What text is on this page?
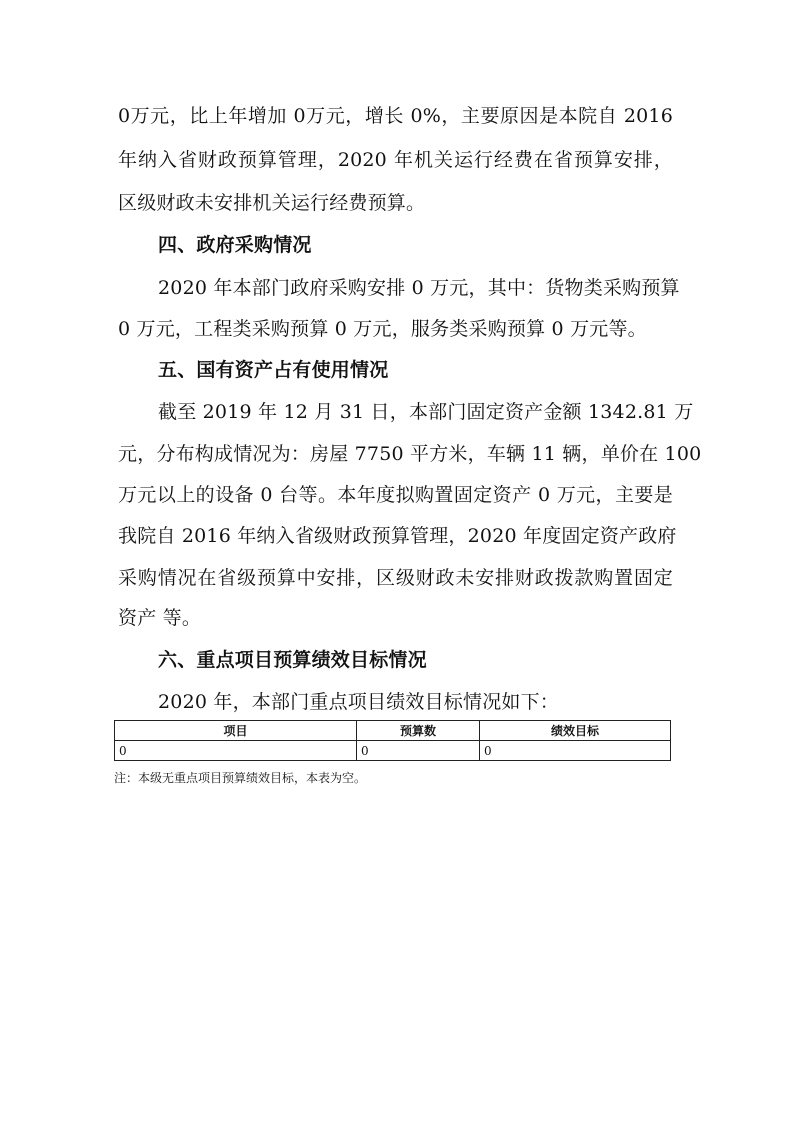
0万元，比上年增加 0万元，增长 0%，主要原因是本院自 2016
年纳入省财政预算管理，2020 年机关运行经费在省预算安排，
区级财政未安排机关运行经费预算。
四、政府采购情况
2020 年本部门政府采购安排 0 万元，其中：货物类采购预算
0 万元，工程类采购预算 0 万元，服务类采购预算 0 万元等。
五、国有资产占有使用情况
截至 2019 年 12 月 31 日，本部门固定资产金额 1342.81 万
元，分布构成情况为：房屋 7750 平方米，车辆 11 辆，单价在 100
万元以上的设备 0 台等。本年度拟购置固定资产 0 万元，主要是
我院自 2016 年纳入省级财政预算管理，2020 年度固定资产政府
采购情况在省级预算中安排，区级财政未安排财政拨款购置固定
资产 等。
六、重点项目预算绩效目标情况
2020 年，本部门重点项目绩效目标情况如下：
项目	预算数	绩效目标
0	0	0
注：本级无重点项目预算绩效目标，本表为空。
